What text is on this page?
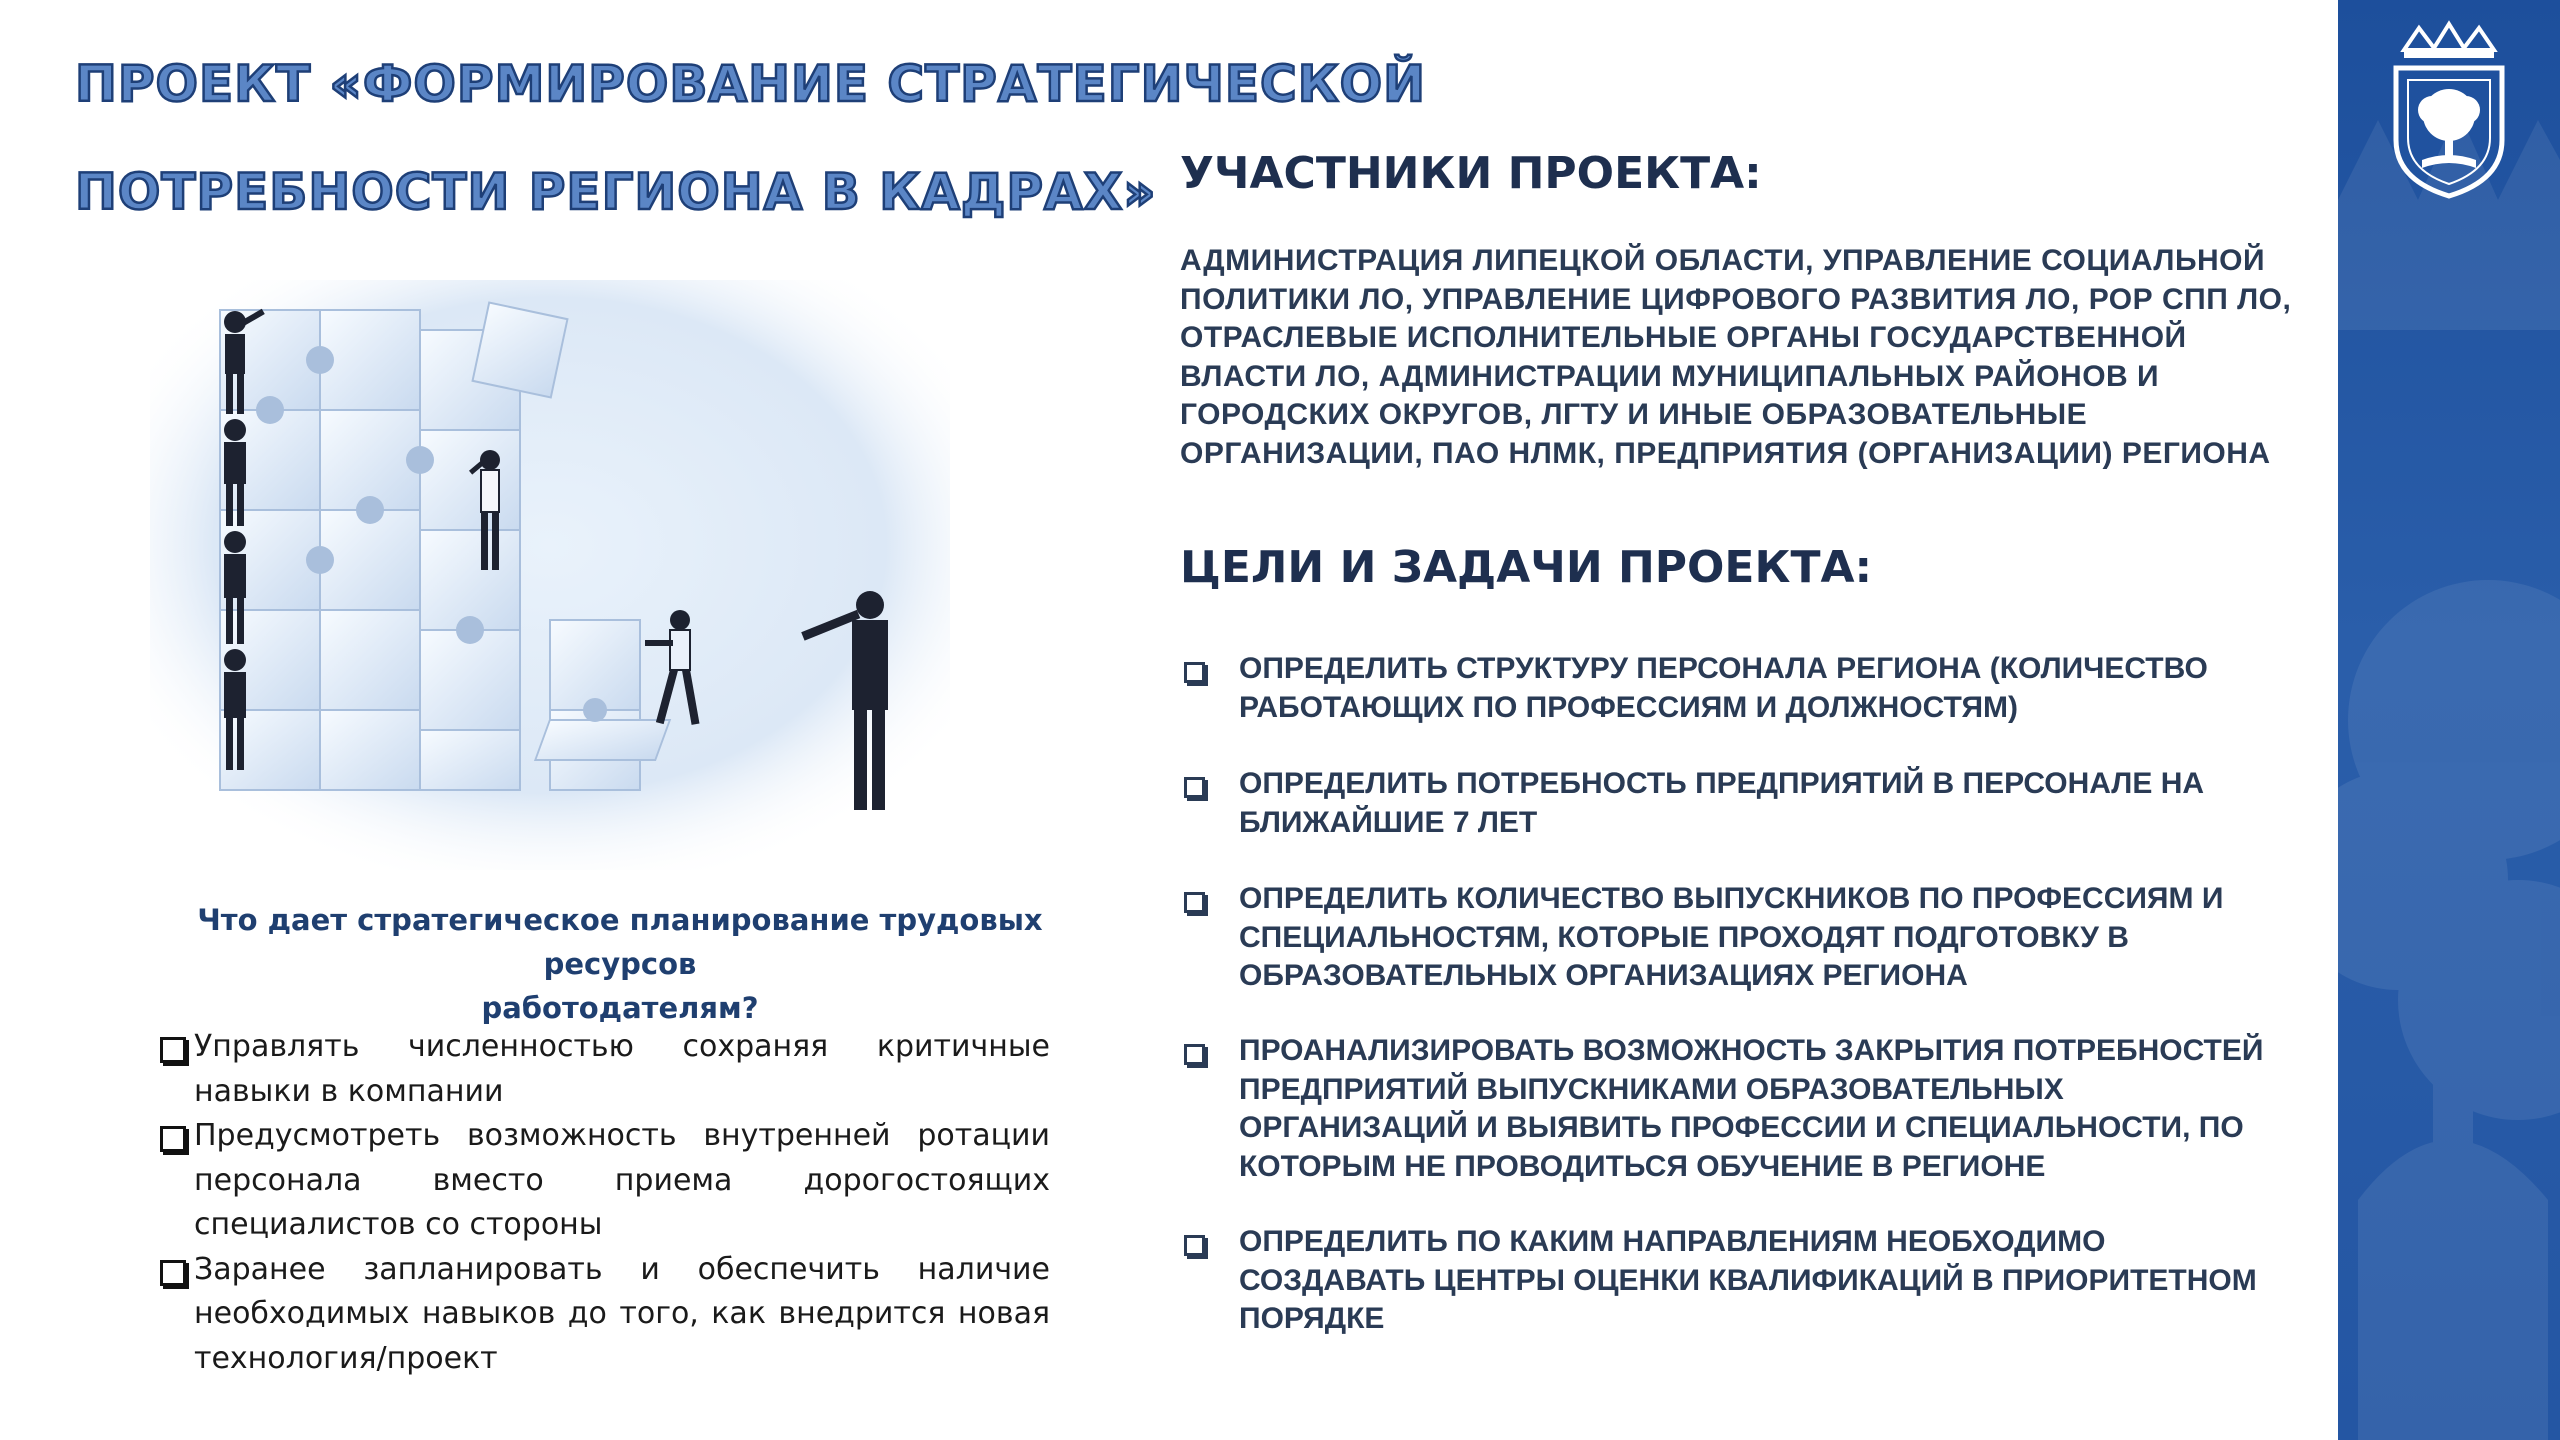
ПРОЕКТ «ФОРМИРОВАНИЕ СТРАТЕГИЧЕСКОЙ
ПОТРЕБНОСТИ РЕГИОНА В КАДРАХ»
Что дает стратегическое планирование трудовых ресурсов
работодателям?
Управлять численностью сохраняя критичные навыки в компании
Предусмотреть возможность внутренней ротации персонала вместо приема дорогостоящих специалистов со стороны
Заранее запланировать и обеспечить наличие необходимых навыков до того, как внедрится новая технология/проект
УЧАСТНИКИ ПРОЕКТА:
АДМИНИСТРАЦИЯ ЛИПЕЦКОЙ ОБЛАСТИ, УПРАВЛЕНИЕ СОЦИАЛЬНОЙ
ПОЛИТИКИ ЛО, УПРАВЛЕНИЕ ЦИФРОВОГО РАЗВИТИЯ ЛО, РОР СПП ЛО,
ОТРАСЛЕВЫЕ ИСПОЛНИТЕЛЬНЫЕ ОРГАНЫ ГОСУДАРСТВЕННОЙ
ВЛАСТИ ЛО, АДМИНИСТРАЦИИ МУНИЦИПАЛЬНЫХ РАЙОНОВ И
ГОРОДСКИХ ОКРУГОВ, ЛГТУ И ИНЫЕ ОБРАЗОВАТЕЛЬНЫЕ
ОРГАНИЗАЦИИ, ПАО НЛМК, ПРЕДПРИЯТИЯ (ОРГАНИЗАЦИИ) РЕГИОНА
ЦЕЛИ И ЗАДАЧИ ПРОЕКТА:
ОПРЕДЕЛИТЬ СТРУКТУРУ ПЕРСОНАЛА РЕГИОНА (КОЛИЧЕСТВО
РАБОТАЮЩИХ ПО ПРОФЕССИЯМ И ДОЛЖНОСТЯМ)
ОПРЕДЕЛИТЬ ПОТРЕБНОСТЬ ПРЕДПРИЯТИЙ В ПЕРСОНАЛЕ НА
БЛИЖАЙШИЕ 7 ЛЕТ
ОПРЕДЕЛИТЬ КОЛИЧЕСТВО ВЫПУСКНИКОВ ПО ПРОФЕССИЯМ И
СПЕЦИАЛЬНОСТЯМ, КОТОРЫЕ ПРОХОДЯТ ПОДГОТОВКУ В
ОБРАЗОВАТЕЛЬНЫХ ОРГАНИЗАЦИЯХ РЕГИОНА
ПРОАНАЛИЗИРОВАТЬ ВОЗМОЖНОСТЬ ЗАКРЫТИЯ ПОТРЕБНОСТЕЙ
ПРЕДПРИЯТИЙ ВЫПУСКНИКАМИ ОБРАЗОВАТЕЛЬНЫХ
ОРГАНИЗАЦИЙ И ВЫЯВИТЬ ПРОФЕССИИ И СПЕЦИАЛЬНОСТИ, ПО
КОТОРЫМ НЕ ПРОВОДИТЬСЯ ОБУЧЕНИЕ В РЕГИОНЕ
ОПРЕДЕЛИТЬ ПО КАКИМ НАПРАВЛЕНИЯМ НЕОБХОДИМО
СОЗДАВАТЬ ЦЕНТРЫ ОЦЕНКИ КВАЛИФИКАЦИЙ В ПРИОРИТЕТНОМ
ПОРЯДКЕ
